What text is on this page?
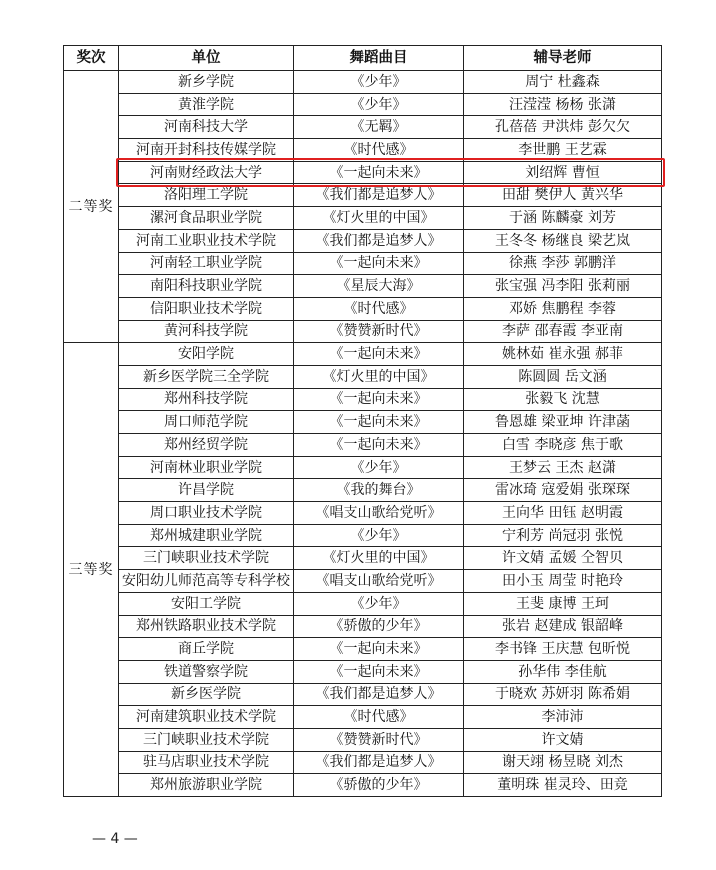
奖次	单位	舞蹈曲目	辅导老师
二等奖	新乡学院	《少年》	周宁 杜鑫森
	黄淮学院	《少年》	汪滢滢 杨杨 张潇
	河南科技大学	《无羁》	孔蓓蓓 尹洪炜 彭欠欠
	河南开封科技传媒学院	《时代感》	李世鹏 王艺霖
	河南财经政法大学	《一起向未来》	刘绍辉 曹恒
	洛阳理工学院	《我们都是追梦人》	田甜 樊伊人 黄兴华
	漯河食品职业学院	《灯火里的中国》	于涵 陈麟豪 刘芳
	河南工业职业技术学院	《我们都是追梦人》	王冬冬 杨继良 梁艺岚
	河南轻工职业学院	《一起向未来》	徐燕 李莎 郭鹏洋
	南阳科技职业学院	《星辰大海》	张宝强 冯李阳 张莉丽
	信阳职业技术学院	《时代感》	邓娇 焦鹏程 李蓉
	黄河科技学院	《赞赞新时代》	李萨 邵春霞 李亚南
三等奖	安阳学院	《一起向未来》	姚林茹 崔永强 郝菲
	新乡医学院三全学院	《灯火里的中国》	陈圆圆 岳文涵
	郑州科技学院	《一起向未来》	张毅飞 沈慧
	周口师范学院	《一起向未来》	鲁恩雄 梁亚坤 许津菡
	郑州经贸学院	《一起向未来》	白雪 李晓彦 焦于歌
	河南林业职业学院	《少年》	王梦云 王杰 赵潇
	许昌学院	《我的舞台》	雷冰琦 寇爱娟 张琛琛
	周口职业技术学院	《唱支山歌给党听》	王向华 田钰 赵明霞
	郑州城建职业学院	《少年》	宁利芳 尚冠羽 张悦
	三门峡职业技术学院	《灯火里的中国》	许文婧 孟媛 仝智贝
	安阳幼儿师范高等专科学校	《唱支山歌给党听》	田小玉 周莹 时艳玲
	安阳工学院	《少年》	王斐 康博 王珂
	郑州铁路职业技术学院	《骄傲的少年》	张岩 赵建成 银韶峰
	商丘学院	《一起向未来》	李书锋 王庆慧 包昕悦
	铁道警察学院	《一起向未来》	孙华伟 李佳航
	新乡医学院	《我们都是追梦人》	于晓欢 苏妍羽 陈希娟
	河南建筑职业技术学院	《时代感》	李沛沛
	三门峡职业技术学院	《赞赞新时代》	许文婧
	驻马店职业技术学院	《我们都是追梦人》	谢天翊 杨昱晓 刘杰
	郑州旅游职业学院	《骄傲的少年》	董明珠 崔灵玲、田竞
— 4 —
